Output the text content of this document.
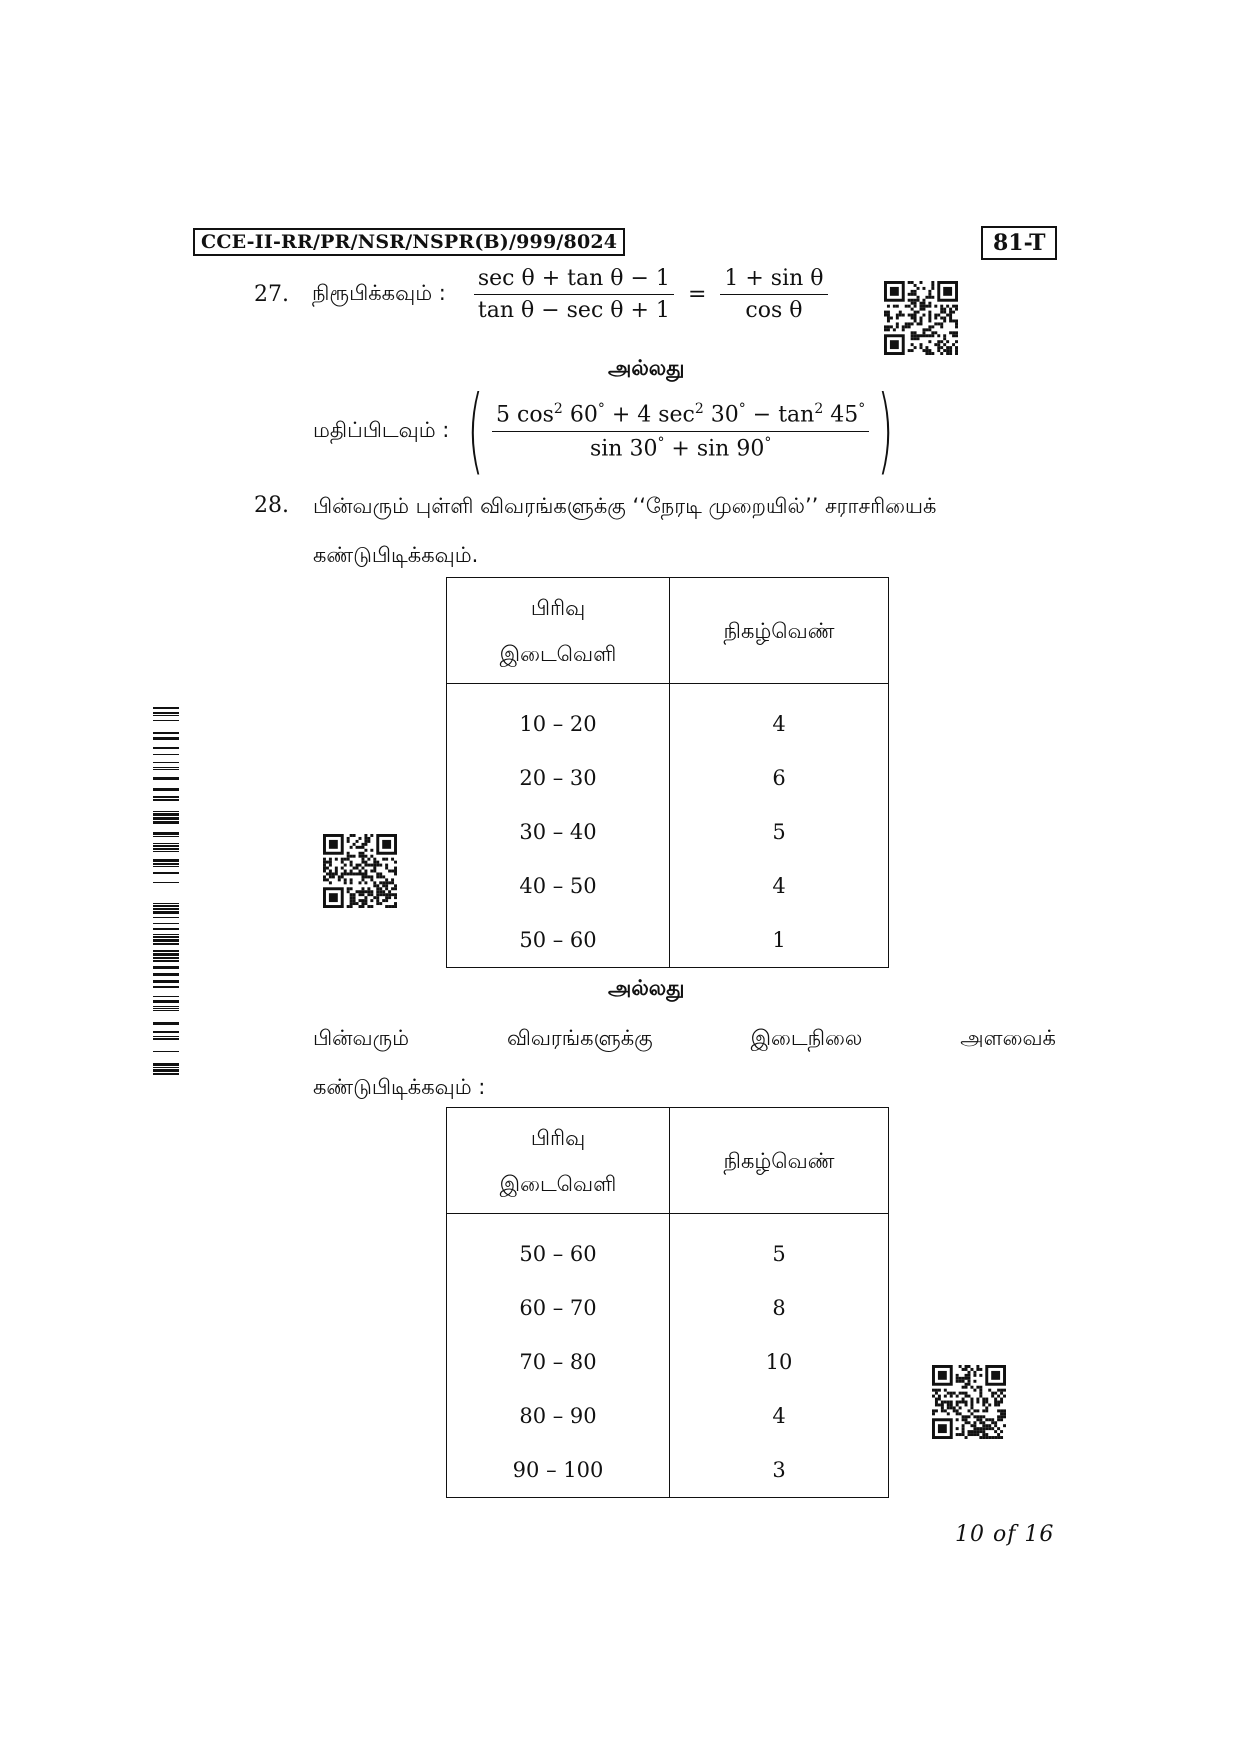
CCE-II-RR/PR/NSR/NSPR(B)/999/8024	81-T
27.	நிரூபிக்கவும் : $\frac{\text{sec θ + tan θ − 1}}{\text{tan θ − sec θ + 1}} = \frac{\text{1 + sin θ}}{\text{cos θ}}$
அல்லது
மதிப்பிடவும் : ( $\frac{5 \cos^2 60^\circ + 4 \sec^2 30^\circ - \tan^2 45^\circ}{\sin 30^\circ + \sin 90^\circ}$ )
28. பின்வரும் புள்ளி விவரங்களுக்கு ‘‘நேரடி முறையில்’’ சராசரியைக்
கண்டுபிடிக்கவும்.
பிரிவு
இடைவெளி	நிகழ்வெண்
10 – 20	4
20 – 30	6
30 – 40	5
40 – 50	4
50 – 60	1
அல்லது
பின்வரும்	விவரங்களுக்கு	இடைநிலை	அளவைக்
கண்டுபிடிக்கவும் :
பிரிவு
இடைவெளி	நிகழ்வெண்
50 – 60	5
60 – 70	8
70 – 80	10
80 – 90	4
90 – 100	3
10 of 16
